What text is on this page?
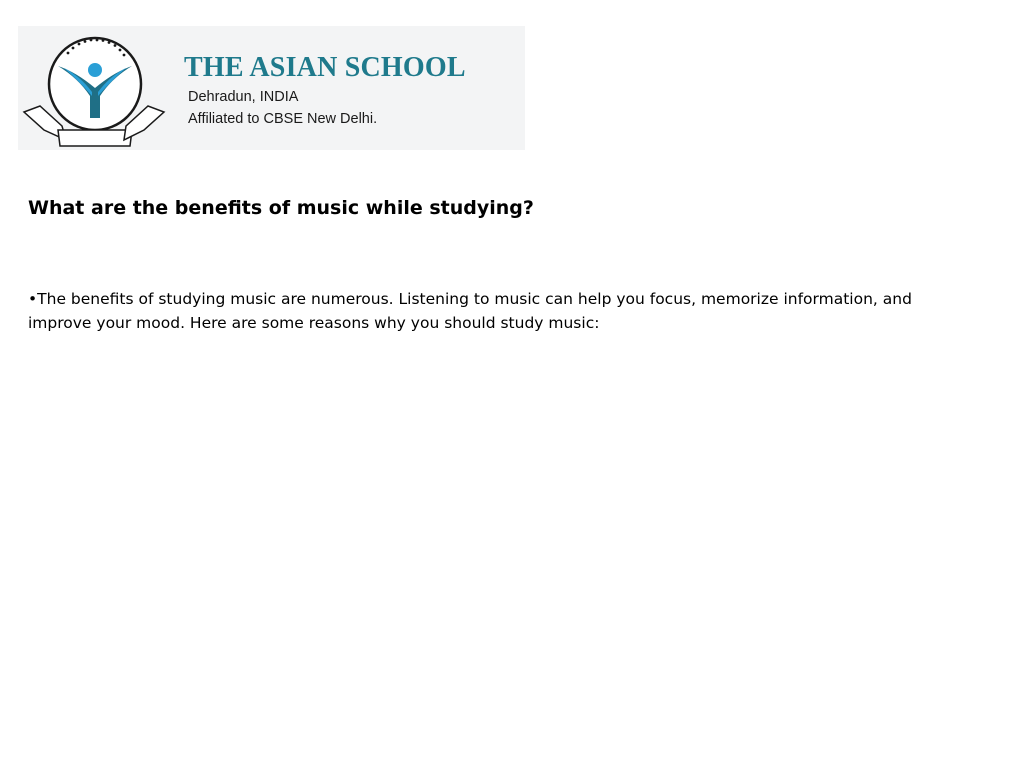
THE ASIAN SCHOOL
Dehradun, INDIA
Affiliated to CBSE New Delhi.
What are the benefits of music while studying?

•The benefits of studying music are numerous. Listening to music can help you focus, memorize information, and improve your mood. Here are some reasons why you should study music:
